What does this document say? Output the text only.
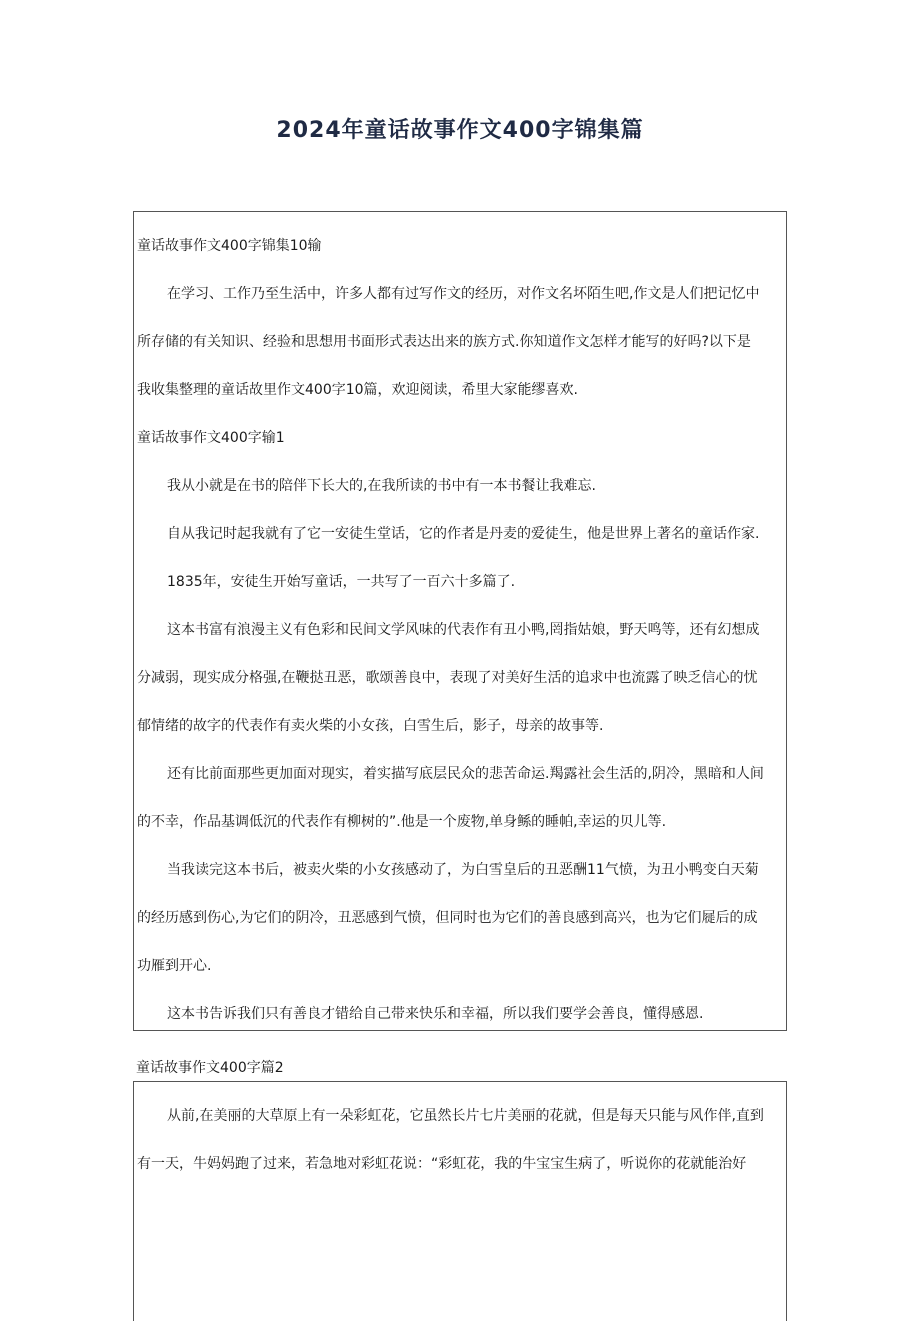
2024年童话故事作文400字锦集篇
童话故事作文400字锦集10输
在学习、工作乃至生活中，许多人都有过写作文的经历，对作文名坏陌生吧,作文是人们把记忆中
所存储的有关知识、经验和思想用书面形式表达出来的族方式.你知道作文怎样才能写的好吗?以下是
我收集整理的童话故里作文400字10篇，欢迎阅读，希里大家能缪喜欢.
童话故事作文400字输1
我从小就是在书的陪伴下长大的,在我所读的书中有一本书餐让我难忘.
自从我记时起我就有了它一安徒生堂话，它的作者是丹麦的爱徒生，他是世界上著名的童话作家.
1835年，安徒生开始写童话，一共写了一百六十多篇了.
这本书富有浪漫主义有色彩和民间文学风味的代表作有丑小鸭,罔指姑娘，野天鸣等，还有幻想成
分减弱，现实成分格强,在鞭挞丑恶，歌颂善良中，表现了对美好生活的追求中也流露了映乏信心的忧
郁情绪的故字的代表作有卖火柴的小女孩，白雪生后，影子，母亲的故事等.
还有比前面那些更加面对现实，着实描写底层民众的悲苦命运.羯露社会生活的,阴冷，黑暗和人间
的不幸，作品基调低沉的代表作有柳树的”.他是一个废物,单身鲧的睡帕,幸运的贝儿等.
当我读完这本书后，被卖火柴的小女孩感动了，为白雪皇后的丑恶酬11气愤，为丑小鸭变白天菊
的经历感到伤心,为它们的阴冷，丑恶感到气愤，但同时也为它们的善良感到高兴，也为它们屣后的成
功雁到开心.
这本书告诉我们只有善良才错给自己带来快乐和幸福，所以我们要学会善良，懂得感恩.
童话故事作文400字篇2
从前,在美丽的大草原上有一朵彩虹花，它虽然长片七片美丽的花就，但是每天只能与风作伴,直到
有一天，牛妈妈跑了过来，若急地对彩虹花说：“彩虹花，我的牛宝宝生病了，听说你的花就能治好
